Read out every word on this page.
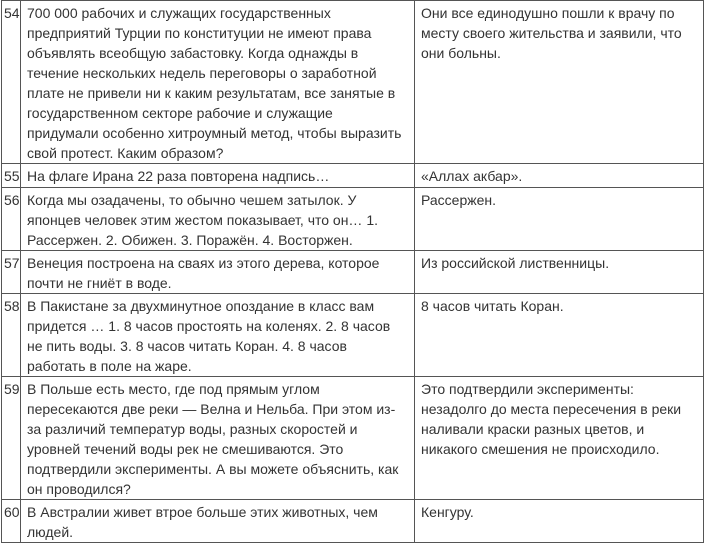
54	700 000 рабочих и служащих государственных предприятий Турции по конституции не имеют права объявлять всеобщую забастовку. Когда однажды в течение нескольких недель переговоры о заработной плате не привели ни к каким результатам, все занятые в государственном секторе рабочие и служащие придумали особенно хитроумный метод, чтобы выразить свой протест. Каким образом?	Они все единодушно пошли к врачу по месту своего жительства и заявили, что они больны.
55	На флаге Ирана 22 раза повторена надпись…	«Аллах акбар».
56	Когда мы озадачены, то обычно чешем затылок. У японцев человек этим жестом показывает, что он… 1. Рассержен. 2. Обижен. 3. Поражён. 4. Восторжен.	Рассержен.
57	Венеция построена на сваях из этого дерева, которое почти не гниёт в воде.	Из российской лиственницы.
58	В Пакистане за двухминутное опоздание в класс вам придется … 1. 8 часов простоять на коленях. 2. 8 часов не пить воды. 3. 8 часов читать Коран. 4. 8 часов работать в поле на жаре.	8 часов читать Коран.
59	В Польше есть место, где под прямым углом пересекаются две реки — Велна и Нельба. При этом из-за различий температур воды, разных скоростей и уровней течений воды рек не смешиваются. Это подтвердили эксперименты. А вы можете объяснить, как он проводился?	Это подтвердили эксперименты: незадолго до места пересечения в реки наливали краски разных цветов, и никакого смешения не происходило.
60	В Австралии живет втрое больше этих животных, чем людей.	Кенгуру.
